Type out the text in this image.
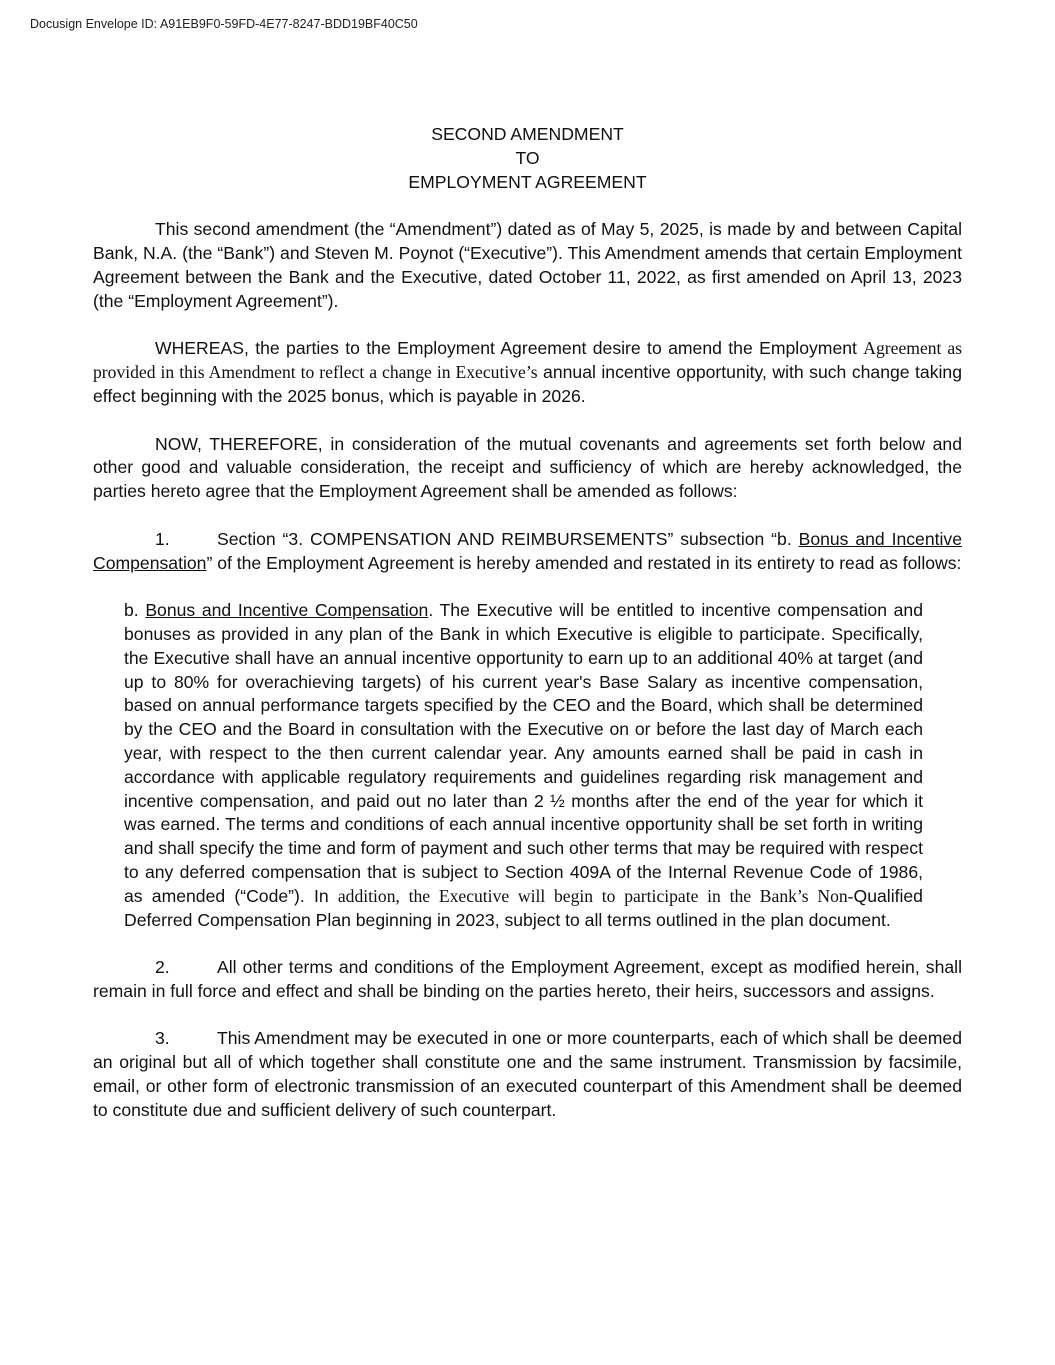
Docusign Envelope ID: A91EB9F0-59FD-4E77-8247-BDD19BF40C50
SECOND AMENDMENT
TO
EMPLOYMENT AGREEMENT

This second amendment (the “Amendment”) dated as of May 5, 2025, is made by and between Capital Bank, N.A. (the “Bank”) and Steven M. Poynot (“Executive”). This Amendment amends that certain Employment Agreement between the Bank and the Executive, dated October 11, 2022, as first amended on April 13, 2023 (the “Employment Agreement”).

WHEREAS, the parties to the Employment Agreement desire to amend the Employment Agreement as provided in this Amendment to reflect a change in Executive’s annual incentive opportunity, with such change taking effect beginning with the 2025 bonus, which is payable in 2026.

NOW, THEREFORE, in consideration of the mutual covenants and agreements set forth below and other good and valuable consideration, the receipt and sufficiency of which are hereby acknowledged, the parties hereto agree that the Employment Agreement shall be amended as follows:

1.	Section “3. COMPENSATION AND REIMBURSEMENTS” subsection “b. Bonus and Incentive Compensation” of the Employment Agreement is hereby amended and restated in its entirety to read as follows:

b. Bonus and Incentive Compensation. The Executive will be entitled to incentive compensation and bonuses as provided in any plan of the Bank in which Executive is eligible to participate. Specifically, the Executive shall have an annual incentive opportunity to earn up to an additional 40% at target (and up to 80% for overachieving targets) of his current year's Base Salary as incentive compensation, based on annual performance targets specified by the CEO and the Board, which shall be determined by the CEO and the Board in consultation with the Executive on or before the last day of March each year, with respect to the then current calendar year. Any amounts earned shall be paid in cash in accordance with applicable regulatory requirements and guidelines regarding risk management and incentive compensation, and paid out no later than 2 ½ months after the end of the year for which it was earned. The terms and conditions of each annual incentive opportunity shall be set forth in writing and shall specify the time and form of payment and such other terms that may be required with respect to any deferred compensation that is subject to Section 409A of the Internal Revenue Code of 1986, as amended (“Code”). In addition, the Executive will begin to participate in the Bank’s Non-Qualified Deferred Compensation Plan beginning in 2023, subject to all terms outlined in the plan document.

2.	All other terms and conditions of the Employment Agreement, except as modified herein, shall remain in full force and effect and shall be binding on the parties hereto, their heirs, successors and assigns.

3.	This Amendment may be executed in one or more counterparts, each of which shall be deemed an original but all of which together shall constitute one and the same instrument. Transmission by facsimile, email, or other form of electronic transmission of an executed counterpart of this Amendment shall be deemed to constitute due and sufficient delivery of such counterpart.
